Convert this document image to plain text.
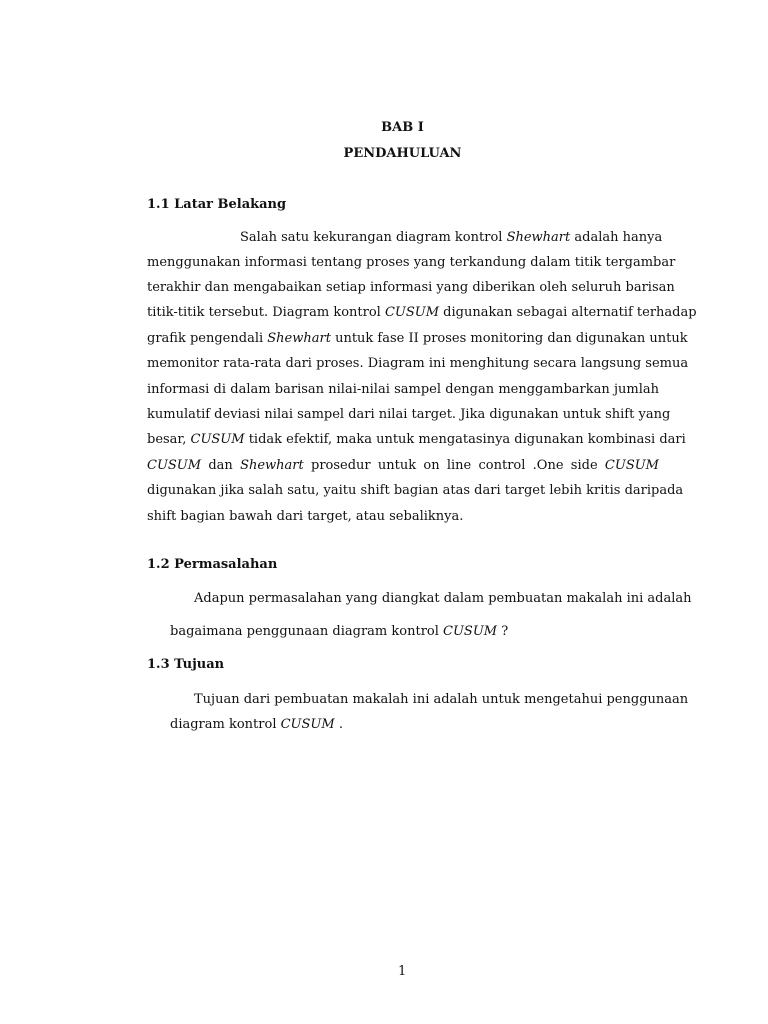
BAB I
PENDAHULUAN
1.1 Latar Belakang
Salah satu kekurangan diagram kontrol Shewhart adalah hanya
menggunakan informasi tentang proses yang terkandung dalam titik tergambar
terakhir dan mengabaikan setiap informasi yang diberikan oleh seluruh barisan
titik-titik tersebut. Diagram kontrol CUSUM digunakan sebagai alternatif terhadap
grafik pengendali Shewhart untuk fase II proses monitoring dan digunakan untuk
memonitor rata-rata dari proses. Diagram ini menghitung secara langsung semua
informasi di dalam barisan nilai-nilai sampel dengan menggambarkan jumlah
kumulatif deviasi nilai sampel dari nilai target. Jika digunakan untuk shift yang
besar, CUSUM tidak efektif, maka untuk mengatasinya digunakan kombinasi dari
CUSUM dan Shewhart prosedur untuk on line control .One side CUSUM
digunakan jika salah satu, yaitu shift bagian atas dari target lebih kritis daripada
shift bagian bawah dari target, atau sebaliknya.
1.2 Permasalahan
Adapun permasalahan yang diangkat dalam pembuatan makalah ini adalah
bagaimana penggunaan diagram kontrol CUSUM ?
1.3 Tujuan
Tujuan dari pembuatan makalah ini adalah untuk mengetahui penggunaan
diagram kontrol CUSUM .
1
